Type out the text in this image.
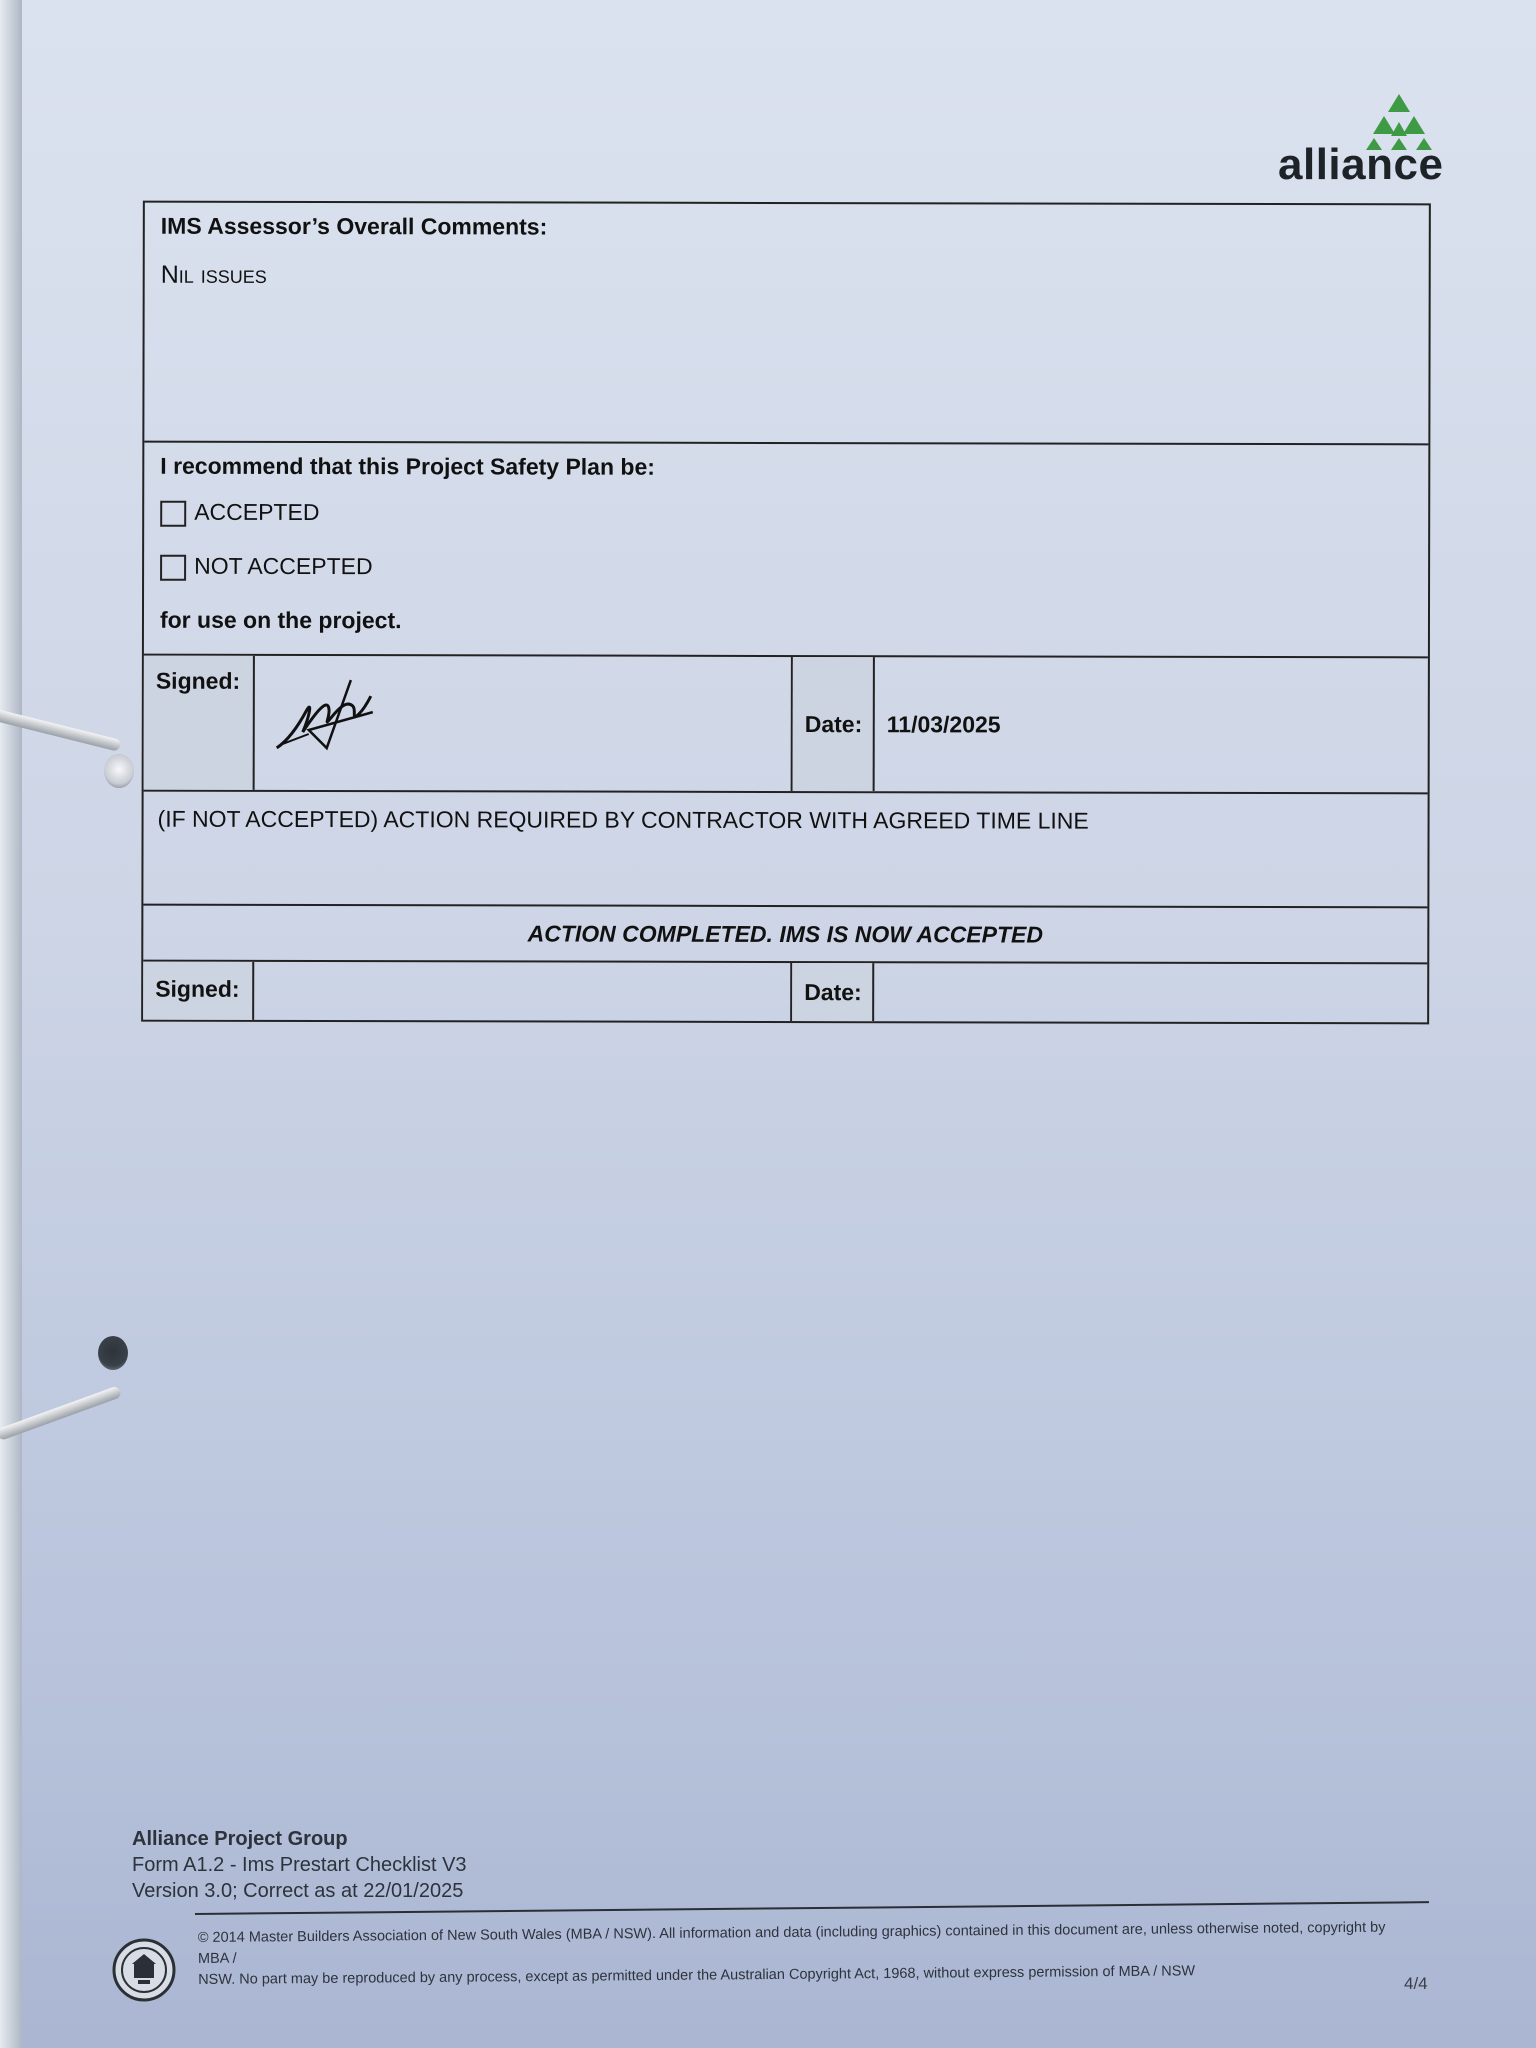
alliance
IMS Assessor’s Overall Comments:
Nil issues
I recommend that this Project Safety Plan be:
ACCEPTED
NOT ACCEPTED
for use on the project.
Signed:
Date: 11/03/2025
(IF NOT ACCEPTED) ACTION REQUIRED BY CONTRACTOR WITH AGREED TIME LINE
ACTION COMPLETED. IMS IS NOW ACCEPTED
Signed:	Date:
Alliance Project Group
Form A1.2 - Ims Prestart Checklist V3
Version 3.0; Correct as at 22/01/2025
© 2014 Master Builders Association of New South Wales (MBA / NSW). All information and data (including graphics) contained in this document are, unless otherwise noted, copyright by MBA /
NSW. No part may be reproduced by any process, except as permitted under the Australian Copyright Act, 1968, without express permission of MBA / NSW	4/4
